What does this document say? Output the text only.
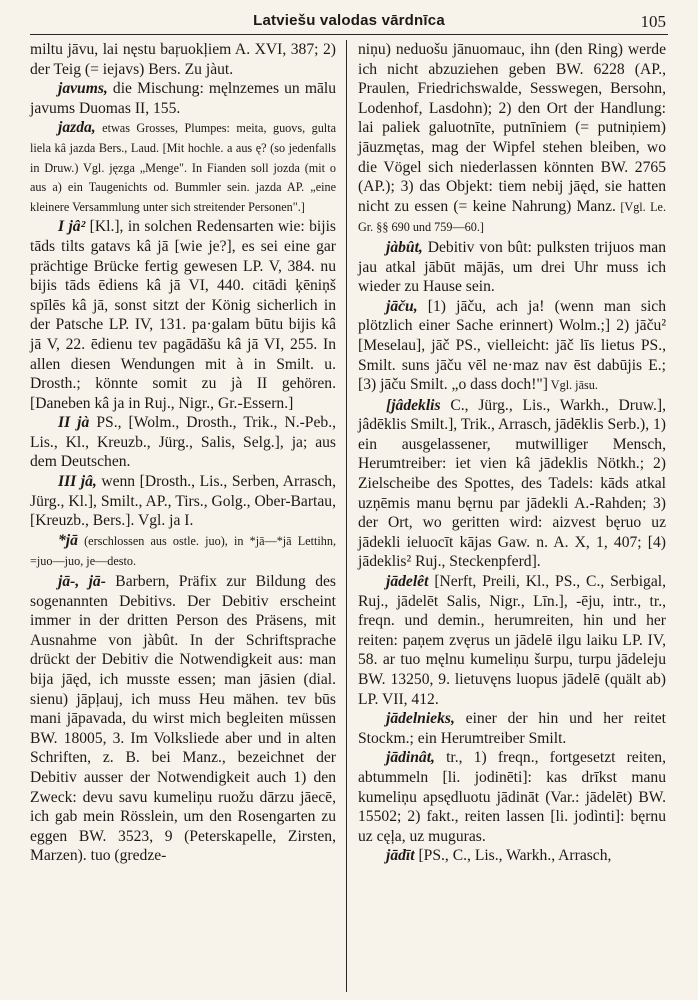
Latviešu valodas vārdnīca	105

miltu jāvu, lai nęstu baŗuokļiem A. XVI, 387; 2) der Teig (= iejavs) Bers. Zu jàut.

javums, die Mischung: męlnzemes un mālu javums Duomas II, 155.

jazda, etwas Grosses, Plumpes: meita, guovs, gulta liela kâ jazda Bers., Laud. [Mit hochle. a aus ę? (so jedenfalls in Druw.) Vgl. jęzga „Menge". In Fianden soll jozda (mit o aus a) ein Taugenichts od. Bummler sein. jazda AP. „eine kleinere Versammlung unter sich streitender Personen".]

I jâ² [Kl.], in solchen Redensarten wie: bijis tāds tilts gatavs kâ jā [wie je?], es sei eine gar prächtige Brücke fertig gewesen LP. V, 384. nu bijis tāds ēdiens kâ jā VI, 440. citādi ķēniņš spīlēs kâ jā, sonst sitzt der König sicherlich in der Patsche LP. IV, 131. pa·galam būtu bijis kâ jā V, 22. ēdienu tev pagādāšu kâ jā VI, 255. In allen diesen Wendungen mit à in Smilt. u. Drosth.; könnte somit zu jà II gehören. [Daneben kâ ja in Ruj., Nigr., Gr.-Essern.]

II jà PS., [Wolm., Drosth., Trik., N.-Peb., Lis., Kl., Kreuzb., Jürg., Salis, Selg.], ja; aus dem Deutschen.

III jâ, wenn [Drosth., Lis., Serben, Arrasch, Jürg., Kl.], Smilt., AP., Tirs., Golg., Ober-Bartau, [Kreuzb., Bers.]. Vgl. ja I.

*jā (erschlossen aus ostle. juo), in *jā—*jā Lettihn, =juo—juo, je—desto.

jā-, jā- Barbern, Präfix zur Bildung des sogenannten Debitivs. Der Debitiv erscheint immer in der dritten Person des Präsens, mit Ausnahme von jàbût. In der Schriftsprache drückt der Debitiv die Notwendigkeit aus: man bija jāęd, ich musste essen; man jāsien (dial. sienu) jāpļauj, ich muss Heu mähen. tev būs mani jāpavada, du wirst mich begleiten müssen BW. 18005, 3. Im Volksliede aber und in alten Schriften, z. B. bei Manz., bezeichnet der Debitiv ausser der Notwendigkeit auch 1) den Zweck: devu savu kumeliņu ruožu dārzu jāecē, ich gab mein Rösslein, um den Rosengarten zu eggen BW. 3523, 9 (Peterskapelle, Zirsten, Marzen). tuo (gredze-

niņu) neduošu jānuomauc, ihn (den Ring) werde ich nicht abzuziehen geben BW. 6228 (AP., Praulen, Friedrichswalde, Sesswegen, Bersohn, Lodenhof, Lasdohn); 2) den Ort der Handlung: lai paliek galuotnīte, putnīniem (= putniņiem) jāuzmętas, mag der Wipfel stehen bleiben, wo die Vögel sich niederlassen könnten BW. 2765 (AP.); 3) das Objekt: tiem nebij jāęd, sie hatten nicht zu essen (= keine Nahrung) Manz. [Vgl. Le. Gr. §§ 690 und 759—60.]

jàbût, Debitiv von bût: pulksten trijuos man jau atkal jābūt mājās, um drei Uhr muss ich wieder zu Hause sein.

jāču, [1) jāču, ach ja! (wenn man sich plötzlich einer Sache erinnert) Wolm.;] 2) jāču² [Meselau], jāč PS., vielleicht: jāč līs lietus PS., Smilt. suns jāču vēl ne·maz nav ēst dabūjis E.; [3) jāču Smilt. „o dass doch!"] Vgl. jāsu.

[jâdeklis C., Jürg., Lis., Warkh., Druw.], jâdēklis Smilt.], Trik., Arrasch, jādēklis Serb.), 1) ein ausgelassener, mutwilliger Mensch, Herumtreiber: iet vien kâ jādeklis Nötkh.; 2) Zielscheibe des Spottes, des Tadels: kāds atkal uzņēmis manu bęrnu par jādekli A.-Rahden; 3) der Ort, wo geritten wird: aizvest bęruo uz jādekli ieluocīt kājas Gaw. n. A. X, 1, 407; [4) jādeklis² Ruj., Steckenpferd].

jādelêt [Nerft, Preili, Kl., PS., C., Serbigal, Ruj., jādelēt Salis, Nigr., Līn.], -ēju, intr., tr., freqn. und demin., herumreiten, hin und her reiten: paņem zvęrus un jādelē ilgu laiku LP. IV, 58. ar tuo męlnu kumeliņu šurpu, turpu jādeleju BW. 13250, 9. lietuvęns luopus jādelē (quält ab) LP. VII, 412.

jādelnieks, einer der hin und her reitet Stockm.; ein Herumtreiber Smilt.

jādinât, tr., 1) freqn., fortgesetzt reiten, abtummeln [li. jodinēti]: kas drīkst manu kumeliņu apsędluotu jādināt (Var.: jādelēt) BW. 15502; 2) fakt., reiten lassen [li. jodìnti]: bęrnu uz cęļa, uz muguras.

jādīt [PS., C., Lis., Warkh., Arrasch,
